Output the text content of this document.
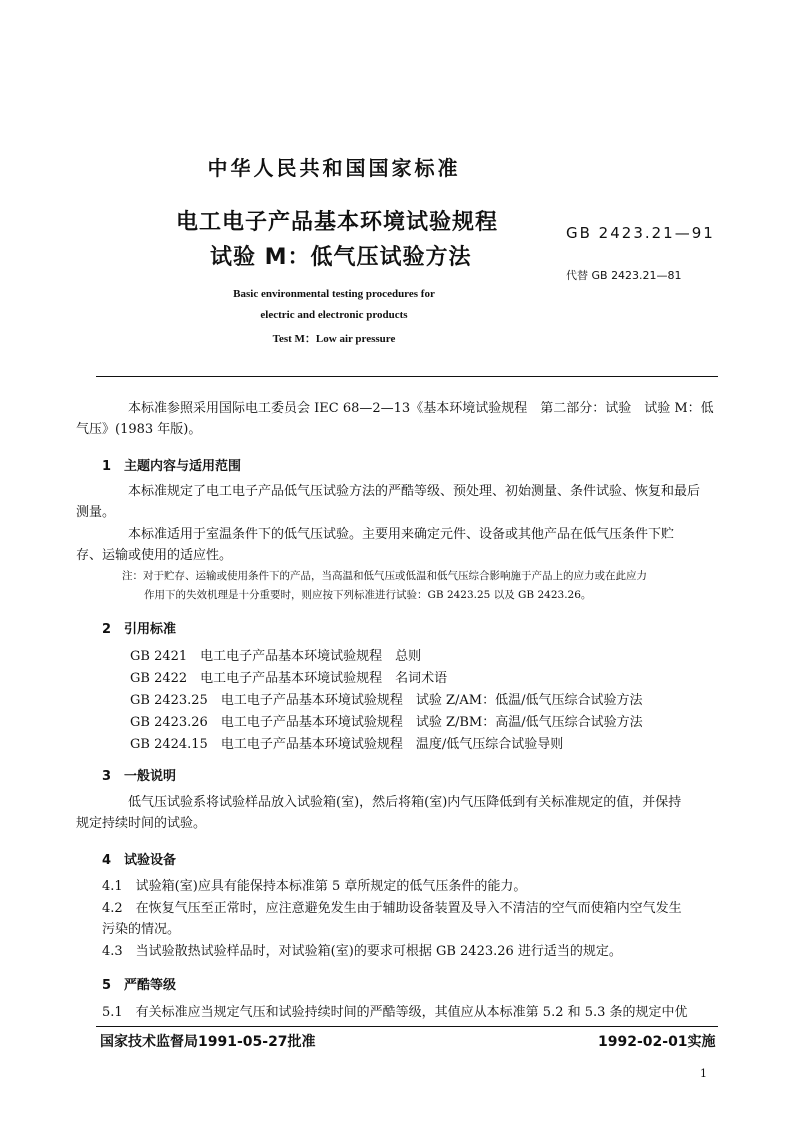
中华人民共和国国家标准
电工电子产品基本环境试验规程
试验 M：低气压试验方法
GB 2423.21—91
代替 GB 2423.21—81
Basic environmental testing procedures for
electric and electronic products
Test M：Low air pressure
本标准参照采用国际电工委员会 IEC 68—2—13《基本环境试验规程　第二部分：试验　试验 M：低
气压》(1983 年版)。
1　主题内容与适用范围
本标准规定了电工电子产品低气压试验方法的严酷等级、预处理、初始测量、条件试验、恢复和最后
测量。
本标准适用于室温条件下的低气压试验。主要用来确定元件、设备或其他产品在低气压条件下贮
存、运输或使用的适应性。
注：对于贮存、运输或使用条件下的产品，当高温和低气压或低温和低气压综合影响施于产品上的应力或在此应力
作用下的失效机理是十分重要时，则应按下列标准进行试验：GB 2423.25 以及 GB 2423.26。
2　引用标准
GB 2421　电工电子产品基本环境试验规程　总则
GB 2422　电工电子产品基本环境试验规程　名词术语
GB 2423.25　电工电子产品基本环境试验规程　试验 Z/AM：低温/低气压综合试验方法
GB 2423.26　电工电子产品基本环境试验规程　试验 Z/BM：高温/低气压综合试验方法
GB 2424.15　电工电子产品基本环境试验规程　温度/低气压综合试验导则
3　一般说明
低气压试验系将试验样品放入试验箱(室)，然后将箱(室)内气压降低到有关标准规定的值，并保持
规定持续时间的试验。
4　试验设备
4.1　试验箱(室)应具有能保持本标准第 5 章所规定的低气压条件的能力。
4.2　在恢复气压至正常时，应注意避免发生由于辅助设备装置及导入不清洁的空气而使箱内空气发生
污染的情况。
4.3　当试验散热试验样品时，对试验箱(室)的要求可根据 GB 2423.26 进行适当的规定。
5　严酷等级
5.1　有关标准应当规定气压和试验持续时间的严酷等级，其值应从本标准第 5.2 和 5.3 条的规定中优
国家技术监督局1991-05-27批准	1992-02-01实施
1
